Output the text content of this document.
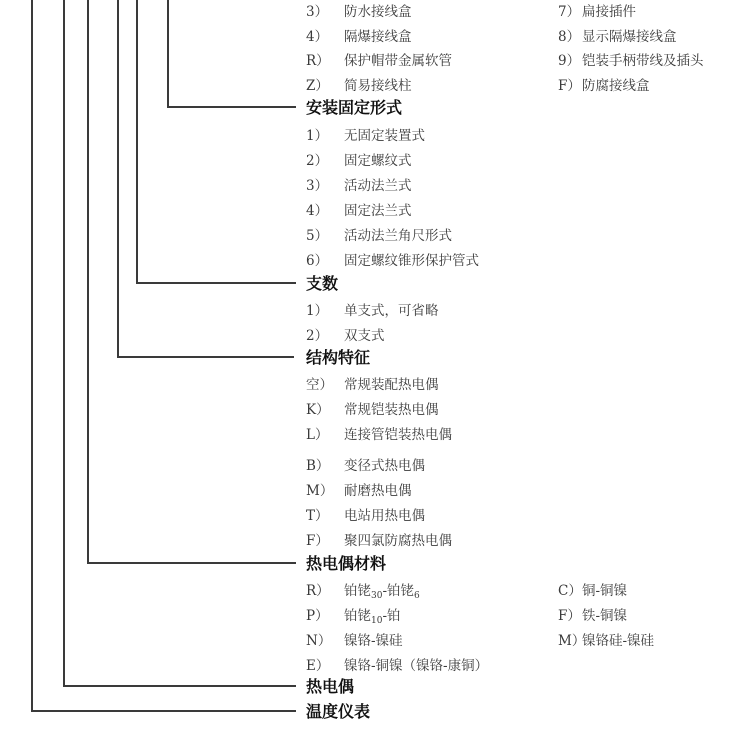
3） 防水接线盒
4） 隔爆接线盒
R） 保护帽带金属软管
Z） 简易接线柱
7） 扁接插件
8） 显示隔爆接线盒
9） 铠装手柄带线及插头
F）防腐接线盒
安装固定形式
1） 无固定装置式
2） 固定螺纹式
3） 活动法兰式
4） 固定法兰式
5） 活动法兰角尺形式
6） 固定螺纹锥形保护管式
支数
1） 单支式，可省略
2） 双支式
结构特征
空） 常规装配热电偶
K） 常规铠装热电偶
L） 连接管铠装热电偶
B） 变径式热电偶
M） 耐磨热电偶
T） 电站用热电偶
F） 聚四氯防腐热电偶
热电偶材料
R） 铂铑$_{30}$-铂铑$_6$
P） 铂铑$_{10}$-铂
N） 镍铬-镍硅
E） 镍铬-铜镍（镍铬-康铜）
C）铜-铜镍
F）铁-铜镍
M）镍铬硅-镍硅
热电偶
温度仪表
